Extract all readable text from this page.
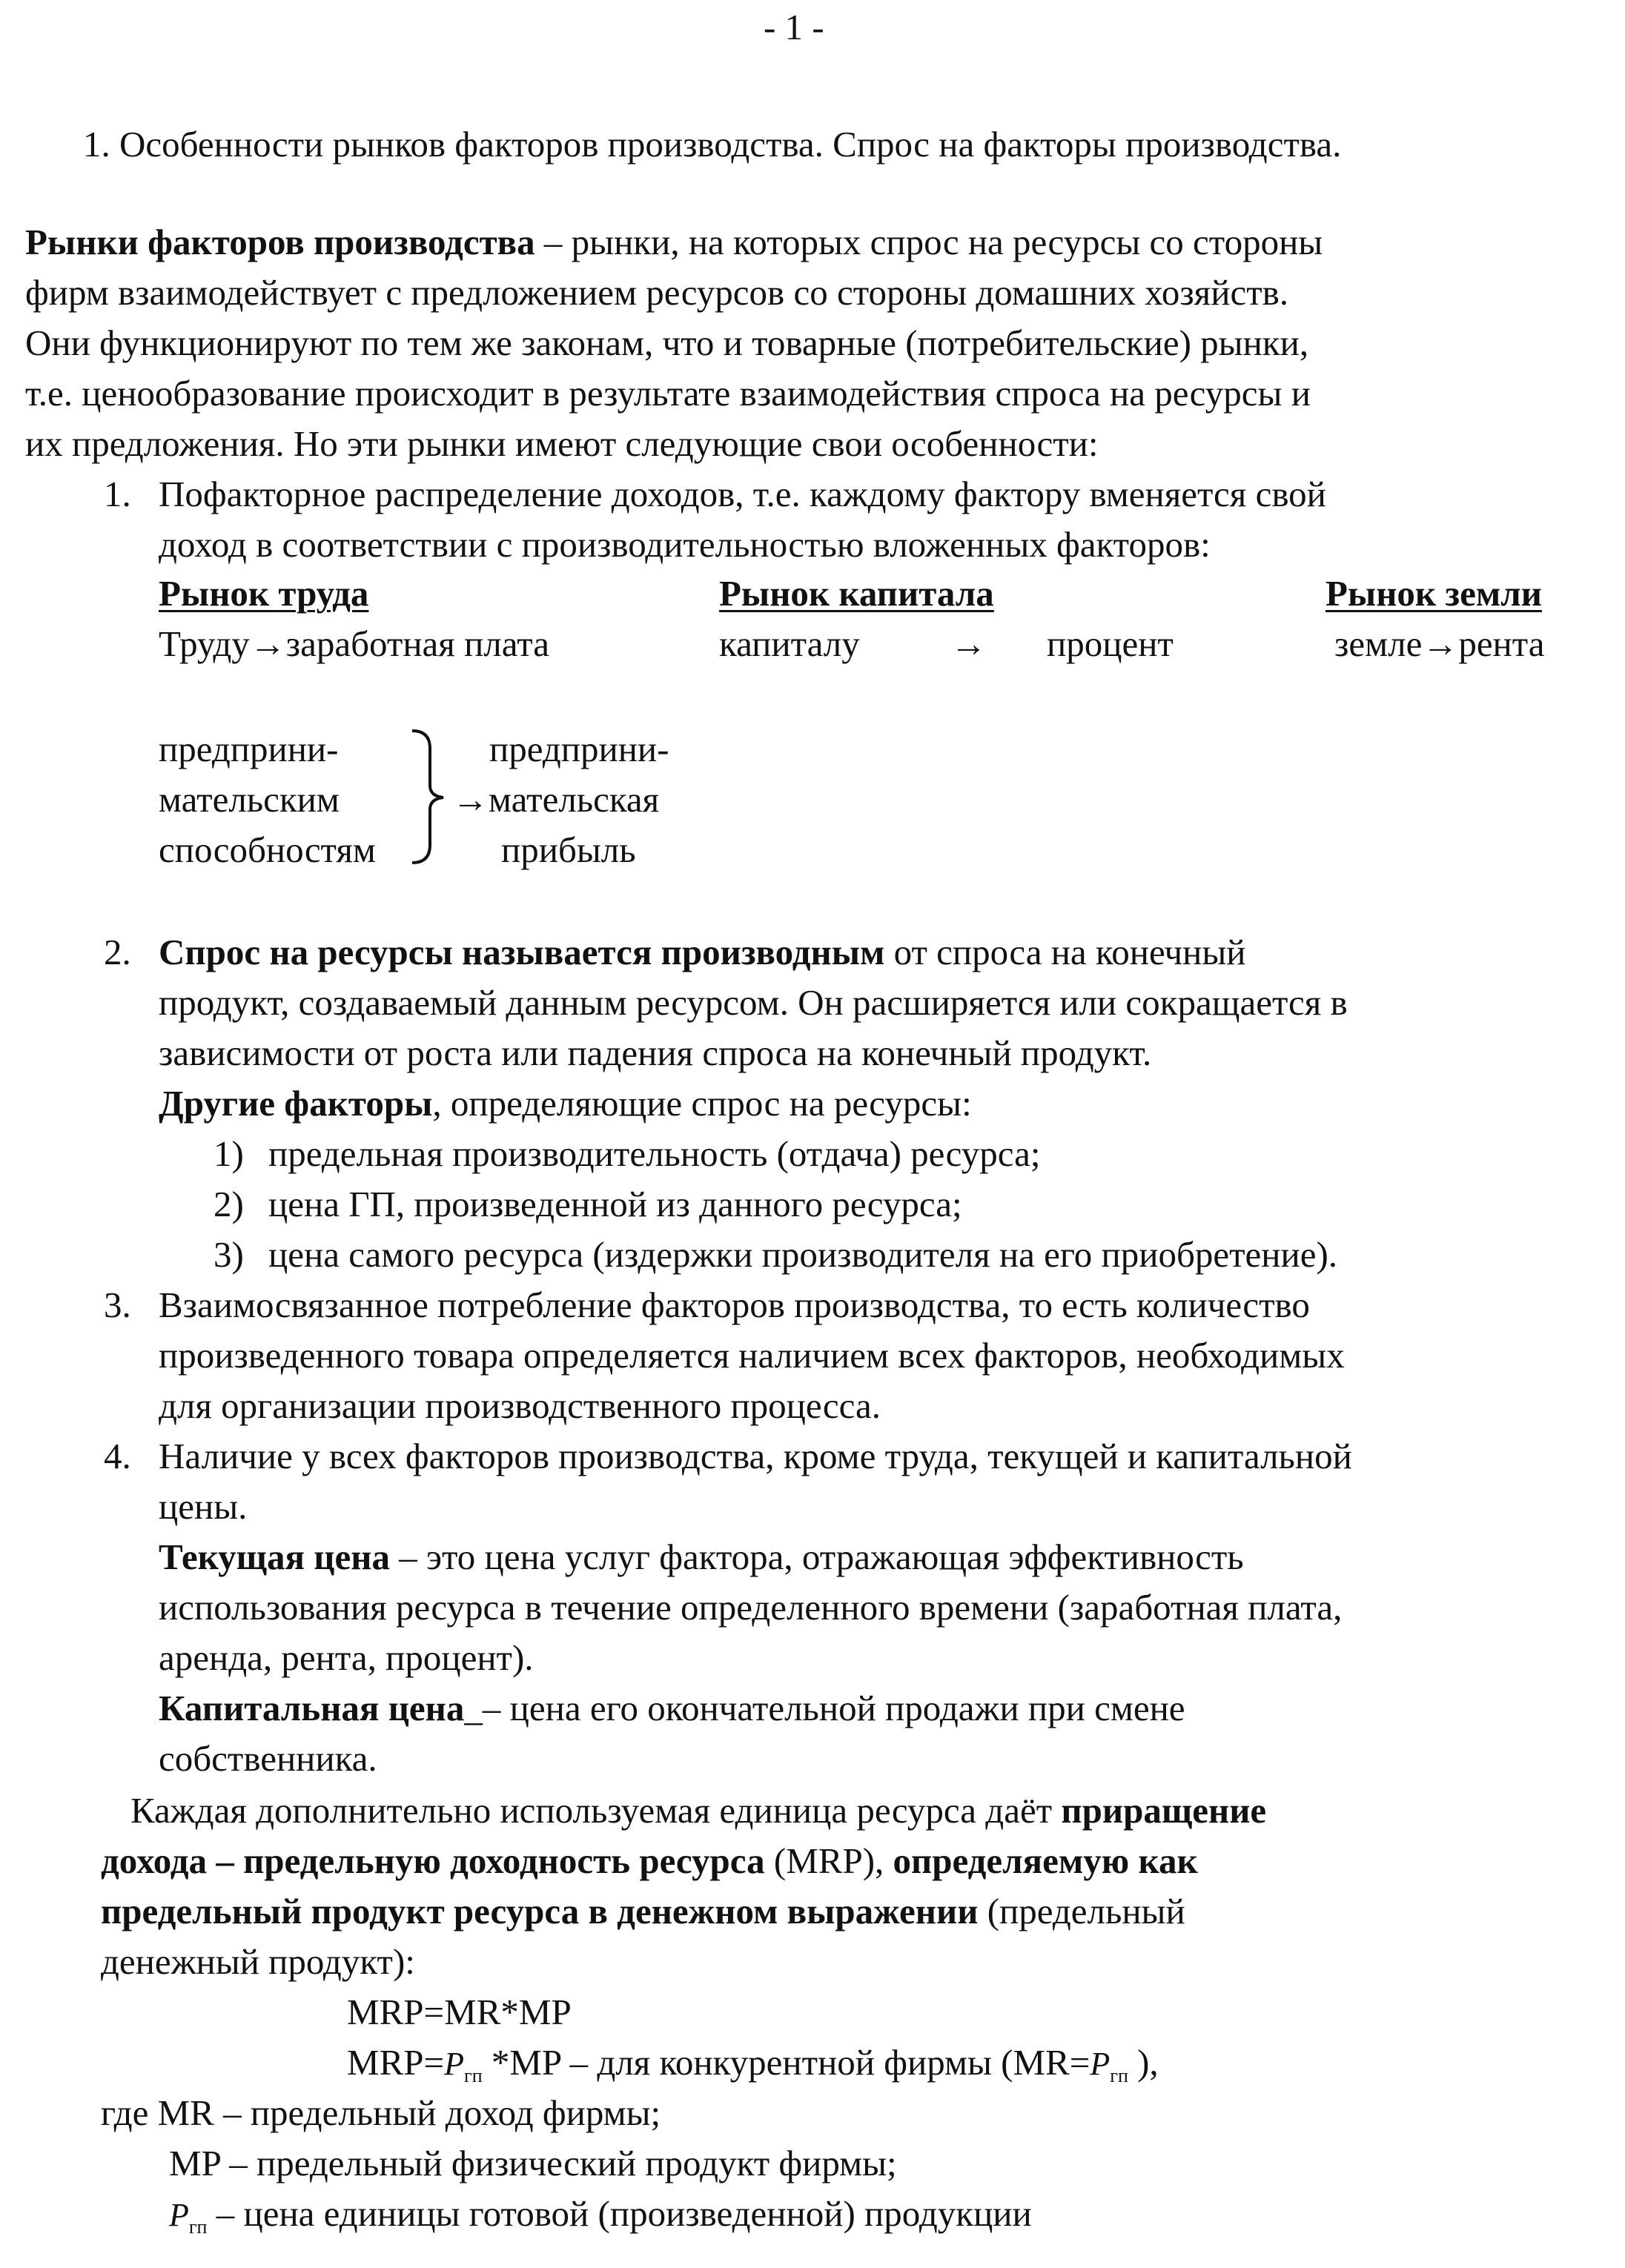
- 1 -
1. Особенности рынков факторов производства. Спрос на факторы производства.
Рынки факторов производства – рынки, на которых спрос на ресурсы со стороны
фирм взаимодействует с предложением ресурсов со стороны домашних хозяйств.
Они функционируют по тем же законам, что и товарные (потребительские) рынки,
т.е. ценообразование происходит в результате взаимодействия спроса на ресурсы и
их предложения. Но эти рынки имеют следующие свои особенности:
1. Пофакторное распределение доходов, т.е. каждому фактору вменяется свой
доход в соответствии с производительностью вложенных факторов:
Рынок труда	Рынок капитала	Рынок земли
Труду→заработная плата	капиталу → процент	земле→рента
предприни-
мательским
способностям
предприни-
→мательская
прибыль
2. Спрос на ресурсы называется производным от спроса на конечный
продукт, создаваемый данным ресурсом. Он расширяется или сокращается в
зависимости от роста или падения спроса на конечный продукт.
Другие факторы, определяющие спрос на ресурсы:
1) предельная производительность (отдача) ресурса;
2) цена ГП, произведенной из данного ресурса;
3) цена самого ресурса (издержки производителя на его приобретение).
3. Взаимосвязанное потребление факторов производства, то есть количество
произведенного товара определяется наличием всех факторов, необходимых
для организации производственного процесса.
4. Наличие у всех факторов производства, кроме труда, текущей и капитальной
цены.
Текущая цена – это цена услуг фактора, отражающая эффективность
использования ресурса в течение определенного времени (заработная плата,
аренда, рента, процент).
Капитальная цена_– цена его окончательной продажи при смене
собственника.
Каждая дополнительно используемая единица ресурса даёт приращение
дохода – предельную доходность ресурса (MRP), определяемую как
предельный продукт ресурса в денежном выражении (предельный
денежный продукт):
MRP=MR*MP
$MRP=P_{гп}$ *MP – для конкурентной фирмы ($MR=P_{гп}$ ),
где MR – предельный доход фирмы;
MP – предельный физический продукт фирмы;
$P_{гп}$ – цена единицы готовой (произведенной) продукции
